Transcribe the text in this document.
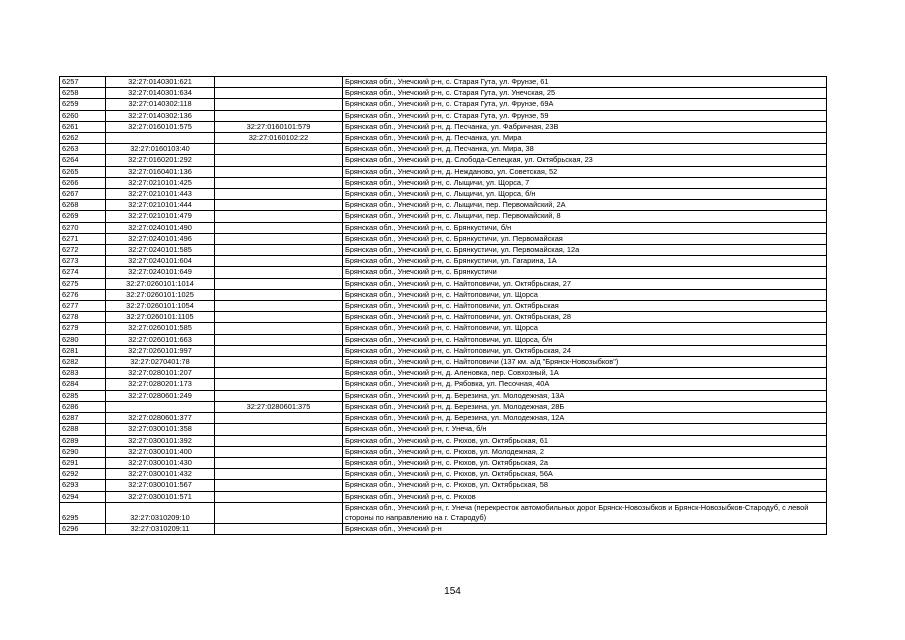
6257	32:27:0140301:621		Брянская обл., Унечский р-н, с. Старая Гута, ул. Фрунзе, 61
6258	32:27:0140301:634		Брянская обл., Унечский р-н, с. Старая Гута, ул. Унечская, 25
6259	32:27:0140302:118		Брянская обл., Унечский р-н, с. Старая Гута, ул. Фрунзе, 69А
6260	32:27:0140302:136		Брянская обл., Унечский р-н, с. Старая Гута, ул. Фрунзе, 59
6261	32:27:0160101:575	32:27:0160101:579	Брянская обл., Унечский р-н, д. Песчанка, ул. Фабричная, 23В
6262		32:27:0160102:22	Брянская обл., Унечский р-н, д. Песчанка, ул. Мира
6263	32:27:0160103:40		Брянская обл., Унечский р-н, д. Песчанка, ул. Мира, 38
6264	32:27:0160201:292		Брянская обл., Унечский р-н, д. Слобода-Селецкая, ул. Октябрьская, 23
6265	32:27:0160401:136		Брянская обл., Унечский р-н, д. Нежданово, ул. Советская, 52
6266	32:27:0210101:425		Брянская обл., Унечский р-н, с. Лыщичи, ул. Щорса, 7
6267	32:27:0210101:443		Брянская обл., Унечский р-н, с. Лыщичи, ул. Щорса, б/н
6268	32:27:0210101:444		Брянская обл., Унечский р-н, с. Лыщичи, пер. Первомайский, 2А
6269	32:27:0210101:479		Брянская обл., Унечский р-н, с. Лыщичи, пер. Первомайский, 8
6270	32:27:0240101:490		Брянская обл., Унечский р-н, с. Брянкустичи, б/н
6271	32:27:0240101:496		Брянская обл., Унечский р-н, с. Брянкустичи, ул. Первомайская
6272	32:27:0240101:585		Брянская обл., Унечский р-н, с. Брянкустичи, ул. Первомайская, 12а
6273	32:27:0240101:604		Брянская обл., Унечский р-н, с. Брянкустичи, ул. Гагарина, 1А
6274	32:27:0240101:649		Брянская обл., Унечский р-н, с. Брянкустичи
6275	32:27:0260101:1014		Брянская обл., Унечский р-н, с. Найтоповичи, ул. Октябрьская, 27
6276	32:27:0260101:1025		Брянская обл., Унечский р-н, с. Найтоповичи, ул. Щорса
6277	32:27:0260101:1054		Брянская обл., Унечский р-н, с. Найтоповичи, ул. Октябрьская
6278	32:27:0260101:1105		Брянская обл., Унечский р-н, с. Найтоповичи, ул. Октябрьская, 28
6279	32:27:0260101:585		Брянская обл., Унечский р-н, с. Найтоповичи, ул. Щорса
6280	32:27:0260101:663		Брянская обл., Унечский р-н, с. Найтоповичи, ул. Щорса, б/н
6281	32:27:0260101:997		Брянская обл., Унечский р-н, с. Найтоповичи, ул. Октябрьская, 24
6282	32:27:0270401:78		Брянская обл., Унечский р-н, с. Найтоповичи (137 км. а/д "Брянск-Новозыбков")
6283	32:27:0280101:207		Брянская обл., Унечский р-н, д. Аленовка, пер. Совхозный, 1А
6284	32:27:0280201:173		Брянская обл., Унечский р-н, д. Рябовка, ул. Песочная, 40А
6285	32:27:0280601:249		Брянская обл., Унечский р-н, д. Березина, ул. Молодежная, 13А
6286		32:27:0280601:375	Брянская обл., Унечский р-н, д. Березина, ул. Молодежная, 28Б
6287	32:27:0280601:377		Брянская обл., Унечский р-н, д. Березина, ул. Молодежная, 12А
6288	32:27:0300101:358		Брянская обл., Унечский р-н, г. Унеча, б/н
6289	32:27:0300101:392		Брянская обл., Унечский р-н, с. Рюхов, ул. Октябрьская, 61
6290	32:27:0300101:400		Брянская обл., Унечский р-н, с. Рюхов, ул. Молодежная, 2
6291	32:27:0300101:430		Брянская обл., Унечский р-н, с. Рюхов, ул. Октябрьская, 2а
6292	32:27:0300101:432		Брянская обл., Унечский р-н, с. Рюхов, ул. Октябрьская, 56А
6293	32:27:0300101:567		Брянская обл., Унечский р-н, с. Рюхов, ул. Октябрьская, 58
6294	32:27:0300101:571		Брянская обл., Унечский р-н, с. Рюхов
6295	32:27:0310209:10		Брянская обл., Унечский р-н, г. Унеча (перекресток автомобильных дорог Брянск-Новозыбков и Брянск-Новозыбков-Стародуб, с левой стороны по направлению на г. Стародуб)
6296	32:27:0310209:11		Брянская обл., Унечский р-н
154
